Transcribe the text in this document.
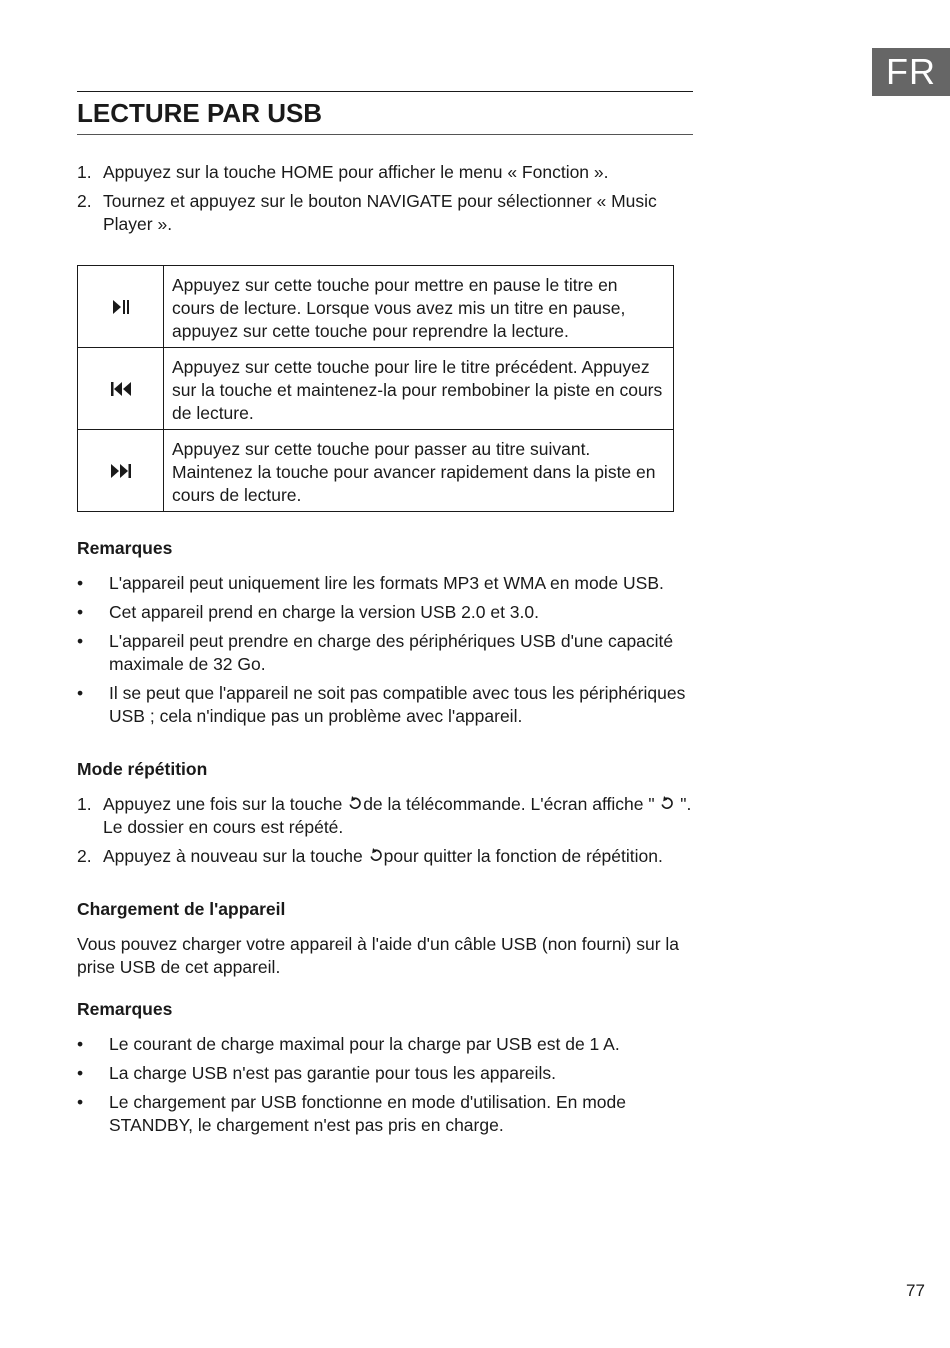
FR
LECTURE PAR USB
1. Appuyez sur la touche HOME pour afficher le menu « Fonction ».
2. Tournez et appuyez sur le bouton NAVIGATE pour sélectionner « Music Player ».
	Appuyez sur cette touche pour mettre en pause le titre en cours de lecture. Lorsque vous avez mis un titre en pause, appuyez sur cette touche pour reprendre la lecture.
	Appuyez sur cette touche pour lire le titre précédent. Appuyez sur la touche et maintenez-la pour rembobiner la piste en cours de lecture.
	Appuyez sur cette touche pour passer au titre suivant. Maintenez la touche pour avancer rapidement dans la piste en cours de lecture.
Remarques
• L'appareil peut uniquement lire les formats MP3 et WMA en mode USB.
• Cet appareil prend en charge la version USB 2.0 et 3.0.
• L'appareil peut prendre en charge des périphériques USB d'une capacité maximale de 32 Go.
• Il se peut que l'appareil ne soit pas compatible avec tous les périphériques USB ; cela n'indique pas un problème avec l'appareil.
Mode répétition
1. Appuyez une fois sur la touche de la télécommande. L'écran affiche "  ". Le dossier en cours est répété.
2. Appuyez à nouveau sur la touche pour quitter la fonction de répétition.
Chargement de l'appareil
Vous pouvez charger votre appareil à l'aide d'un câble USB (non fourni) sur la prise USB de cet appareil.
Remarques
• Le courant de charge maximal pour la charge par USB est de 1 A.
• La charge USB n'est pas garantie pour tous les appareils.
• Le chargement par USB fonctionne en mode d'utilisation. En mode STANDBY, le chargement n'est pas pris en charge.
77
